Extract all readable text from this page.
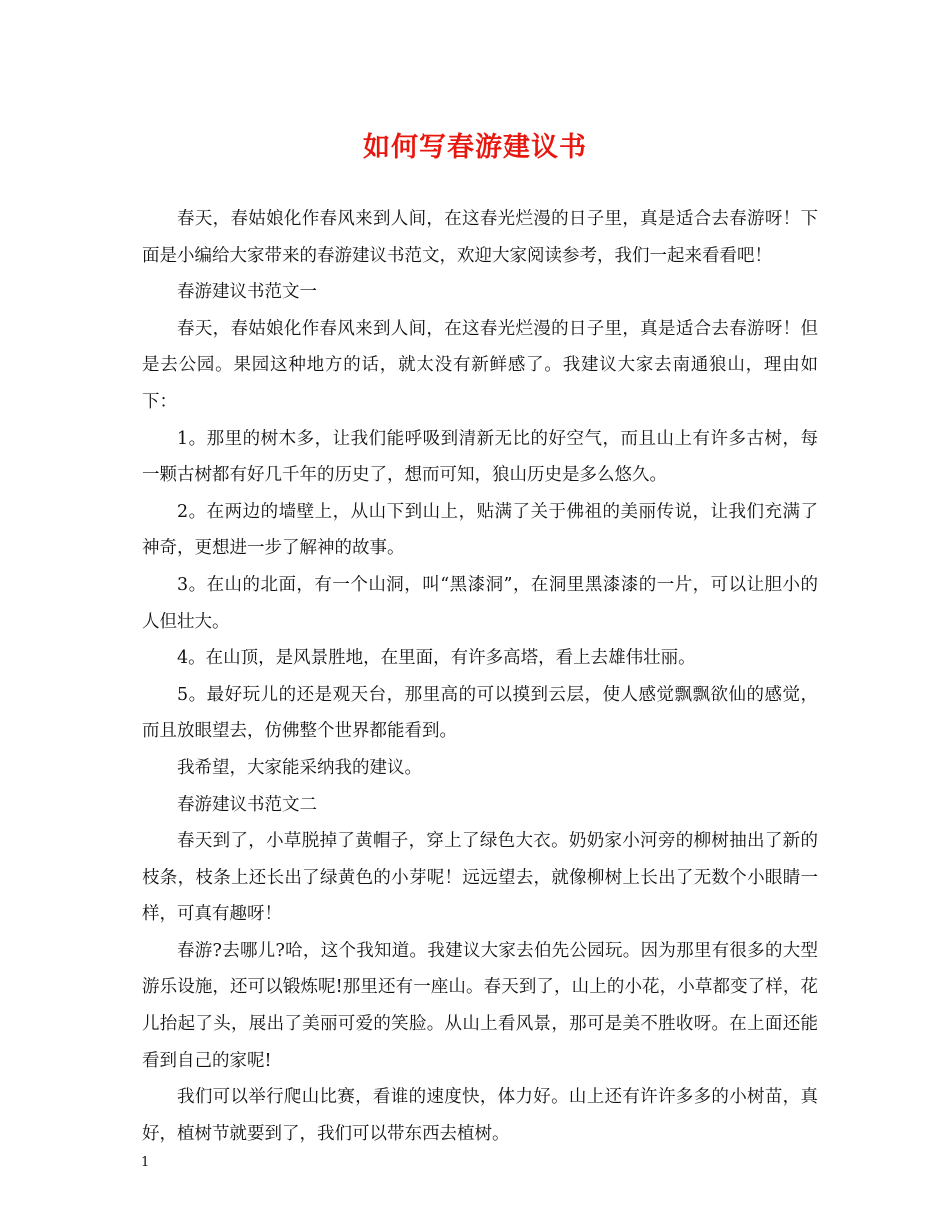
如何写春游建议书

春天，春姑娘化作春风来到人间，在这春光烂漫的日子里，真是适合去春游呀！下面是小编给大家带来的春游建议书范文，欢迎大家阅读参考，我们一起来看看吧！

春游建议书范文一

春天，春姑娘化作春风来到人间，在这春光烂漫的日子里，真是适合去春游呀！但是去公园。果园这种地方的话，就太没有新鲜感了。我建议大家去南通狼山，理由如下：

1。那里的树木多，让我们能呼吸到清新无比的好空气，而且山上有许多古树，每一颗古树都有好几千年的历史了，想而可知，狼山历史是多么悠久。

2。在两边的墙壁上，从山下到山上，贴满了关于佛祖的美丽传说，让我们充满了神奇，更想进一步了解神的故事。

3。在山的北面，有一个山洞，叫“黑漆洞”，在洞里黑漆漆的一片，可以让胆小的人但壮大。

4。在山顶，是风景胜地，在里面，有许多高塔，看上去雄伟壮丽。

5。最好玩儿的还是观天台，那里高的可以摸到云层，使人感觉飘飘欲仙的感觉，而且放眼望去，仿佛整个世界都能看到。

我希望，大家能采纳我的建议。

春游建议书范文二

春天到了，小草脱掉了黄帽子，穿上了绿色大衣。奶奶家小河旁的柳树抽出了新的枝条，枝条上还长出了绿黄色的小芽呢！远远望去，就像柳树上长出了无数个小眼睛一样，可真有趣呀！

春游?去哪儿?哈，这个我知道。我建议大家去伯先公园玩。因为那里有很多的大型游乐设施，还可以锻炼呢!那里还有一座山。春天到了，山上的小花，小草都变了样，花儿抬起了头，展出了美丽可爱的笑脸。从山上看风景，那可是美不胜收呀。在上面还能看到自己的家呢!

我们可以举行爬山比赛，看谁的速度快，体力好。山上还有许许多多的小树苗，真好，植树节就要到了，我们可以带东西去植树。

1
